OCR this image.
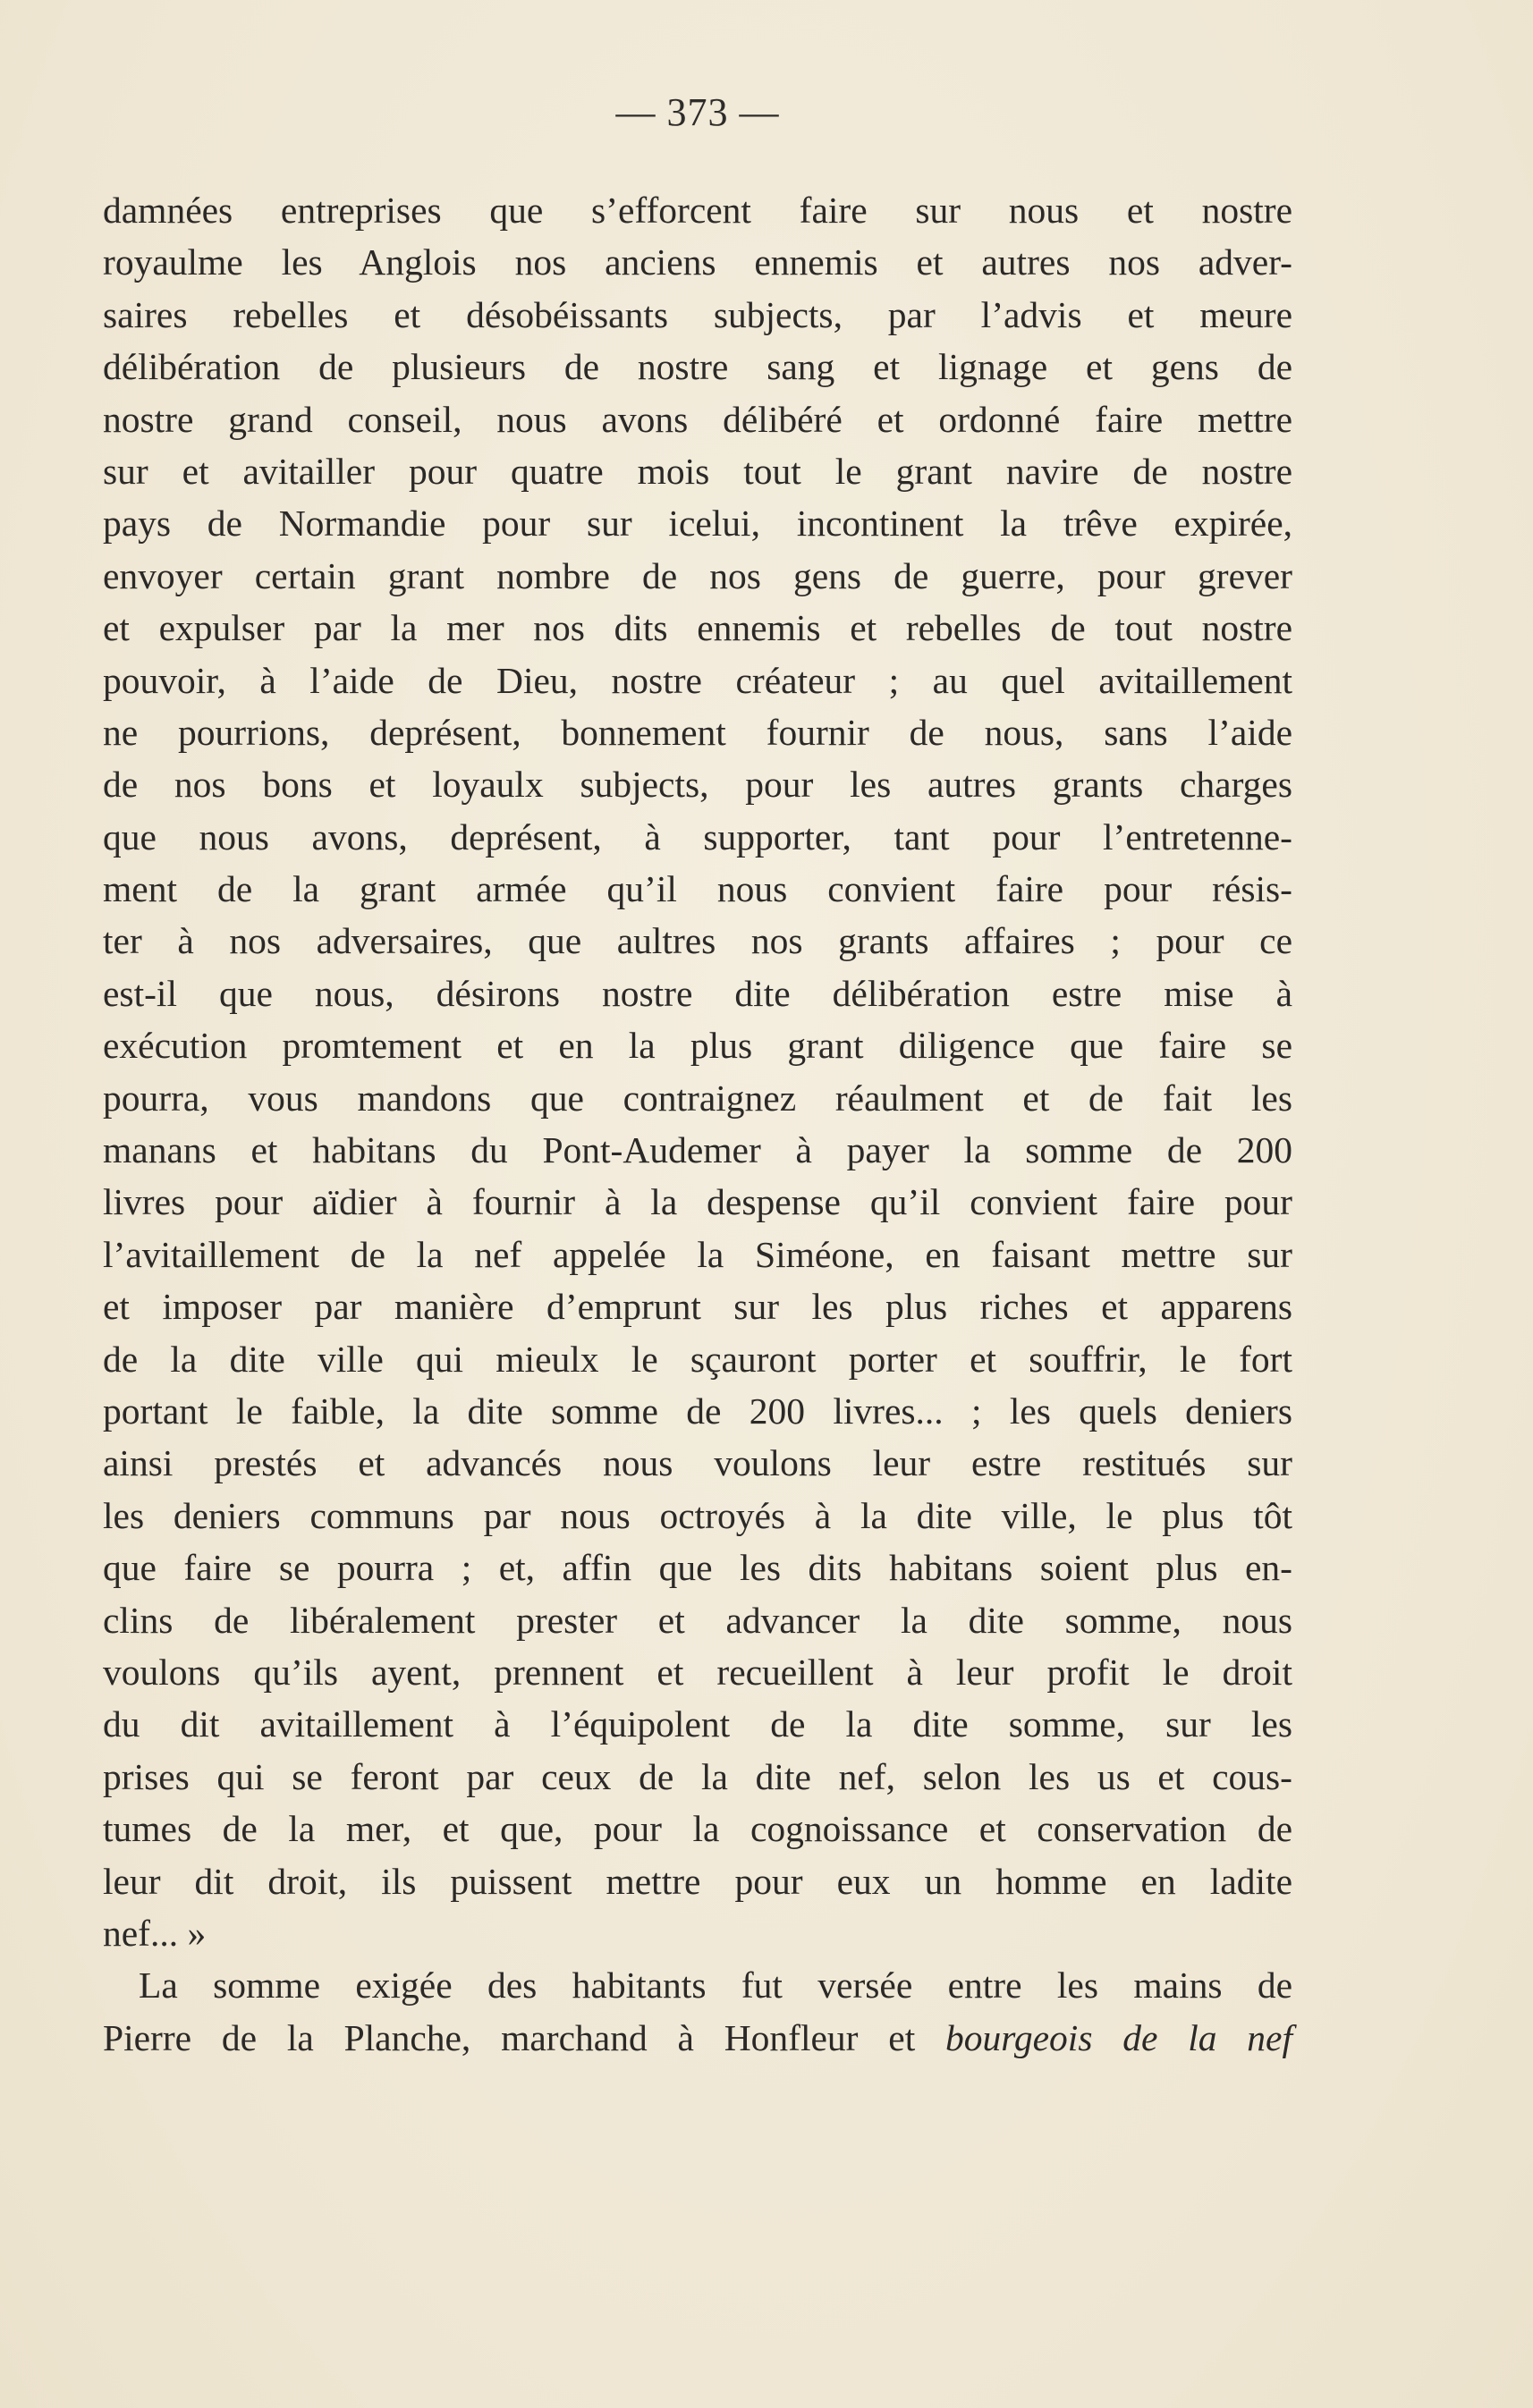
— 373 —
damnées entreprises que s’efforcent faire sur nous et nostre
royaulme les Anglois nos anciens ennemis et autres nos adver-
saires rebelles et désobéissants subjects, par l’advis et meure
délibération de plusieurs de nostre sang et lignage et gens de
nostre grand conseil, nous avons délibéré et ordonné faire mettre
sur et avitailler pour quatre mois tout le grant navire de nostre
pays de Normandie pour sur icelui, incontinent la trêve expirée,
envoyer certain grant nombre de nos gens de guerre, pour grever
et expulser par la mer nos dits ennemis et rebelles de tout nostre
pouvoir, à l’aide de Dieu, nostre créateur ; au quel avitaillement
ne pourrions, deprésent, bonnement fournir de nous, sans l’aide
de nos bons et loyaulx subjects, pour les autres grants charges
que nous avons, deprésent, à supporter, tant pour l’entretenne-
ment de la grant armée qu’il nous convient faire pour résis-
ter à nos adversaires, que aultres nos grants affaires ; pour ce
est-il que nous, désirons nostre dite délibération estre mise à
exécution promtement et en la plus grant diligence que faire se
pourra, vous mandons que contraignez réaulment et de fait les
manans et habitans du Pont-Audemer à payer la somme de 200
livres pour aïdier à fournir à la despense qu’il convient faire pour
l’avitaillement de la nef appelée la Siméone, en faisant mettre sur
et imposer par manière d’emprunt sur les plus riches et apparens
de la dite ville qui mieulx le sçauront porter et souffrir, le fort
portant le faible, la dite somme de 200 livres... ; les quels deniers
ainsi prestés et advancés nous voulons leur estre restitués sur
les deniers communs par nous octroyés à la dite ville, le plus tôt
que faire se pourra ; et, affin que les dits habitans soient plus en-
clins de libéralement prester et advancer la dite somme, nous
voulons qu’ils ayent, prennent et recueillent à leur profit le droit
du dit avitaillement à l’équipolent de la dite somme, sur les
prises qui se feront par ceux de la dite nef, selon les us et cous-
tumes de la mer, et que, pour la cognoissance et conservation de
leur dit droit, ils puissent mettre pour eux un homme en ladite
nef... »
La somme exigée des habitants fut versée entre les mains de
Pierre de la Planche, marchand à Honfleur et bourgeois de la nef
